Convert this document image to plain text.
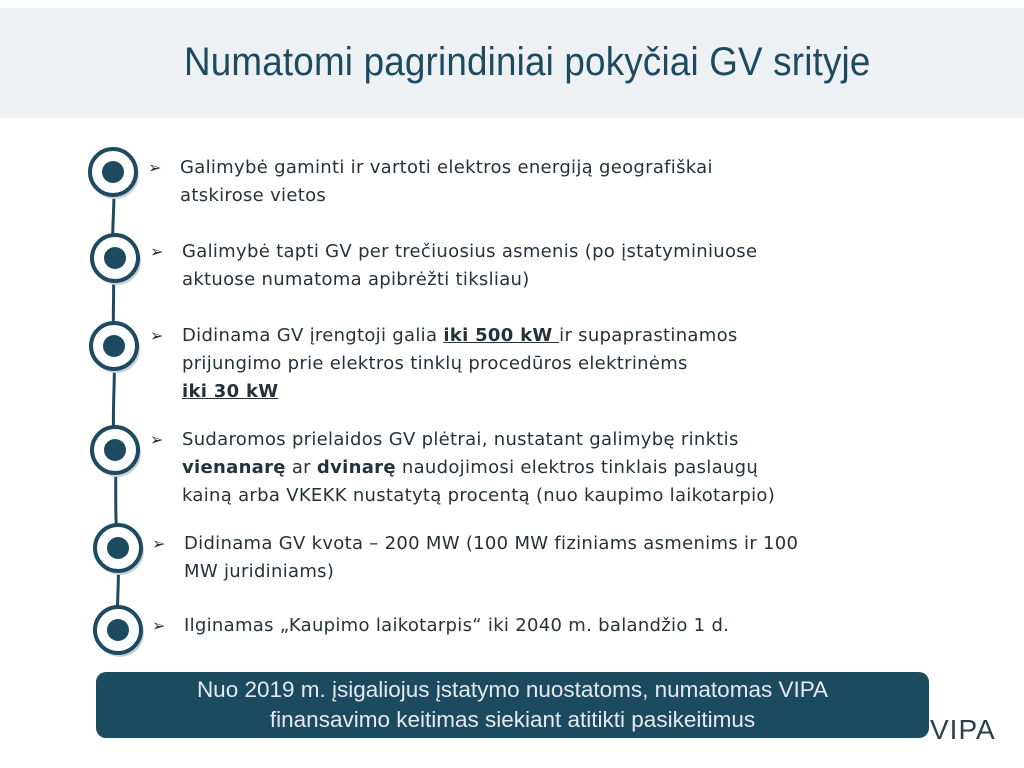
Numatomi pagrindiniai pokyčiai GV srityje
➢	Galimybė gaminti ir vartoti elektros energiją geografiškai
atskirose vietos
➢	Galimybė tapti GV per trečiuosius asmenis (po įstatyminiuose
aktuose numatoma apibrėžti tiksliau)
➢	Didinama GV įrengtoji galia iki 500 kW ir supaprastinamos
prijungimo prie elektros tinklų procedūros elektrinėms
iki 30 kW
➢	Sudaromos prielaidos GV plėtrai, nustatant galimybę rinktis
vienanarę ar dvinarę naudojimosi elektros tinklais paslaugų
kainą arba VKEKK nustatytą procentą (nuo kaupimo laikotarpio)
➢	Didinama GV kvota – 200 MW (100 MW fiziniams asmenims ir 100
MW juridiniams)
➢	Ilginamas „Kaupimo laikotarpis“ iki 2040 m. balandžio 1 d.
Nuo 2019 m. įsigaliojus įstatymo nuostatoms, numatomas VIPA
finansavimo keitimas siekiant atitikti pasikeitimus	VIPA
